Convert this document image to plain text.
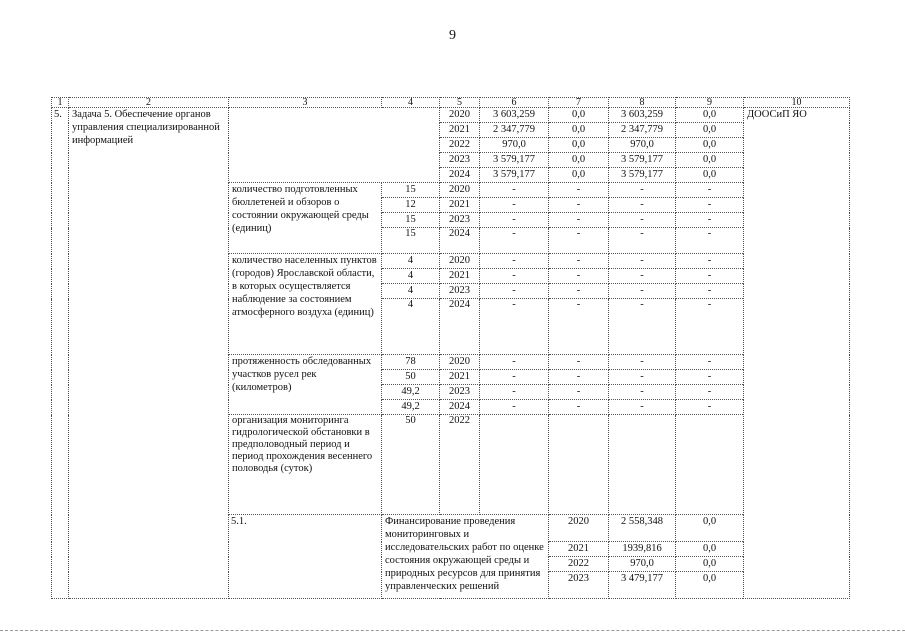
9
1	2	3	4	5	6	7	8	9	10	
5.	Задача 5. Обеспечение органов управления специализированной информацией			2020	3 603,259	0,0	3 603,259	0,0	ДООСиП ЯО	
				2021	2 347,779	0,0	2 347,779	0,0		
				2022	970,0	0,0	970,0	0,0		
				2023	3 579,177	0,0	3 579,177	0,0		
				2024	3 579,177	0,0	3 579,177	0,0		
		количество подготовленных бюллетеней и обзоров о состоянии окружающей среды (единиц)	15	2020	-	-	-	-		
			12	2021	-	-	-	-		
			15	2023	-	-	-	-		
			15	2024	-	-	-	-		
		количество населенных пунктов (городов) Ярославской области, в которых осуществляется наблюдение за состоянием атмосферного воздуха (единиц)	4	2020	-	-	-	-		
			4	2021	-	-	-	-		
			4	2023	-	-	-	-		
			4	2024	-	-	-	-		
		протяженность обследованных участков русел рек (километров)	78	2020	-	-	-	-		
			50	2021	-	-	-	-		
			49,2	2023	-	-	-	-		
			49,2	2024	-	-	-	-		
		организация мониторинга гидрологической обстановки в предполоводный период и период прохождения весеннего половодья (суток)	50	2022						
		5.1.	Финансирование проведения мониторинговых и исследовательских работ по оценке состояния окружающей среды и природных ресурсов для принятия управленческих решений			2020	2 558,348	0,0			
						2021	1939,816	0,0		
						2022	970,0	0,0		
						2023	3 479,177	0,0		
